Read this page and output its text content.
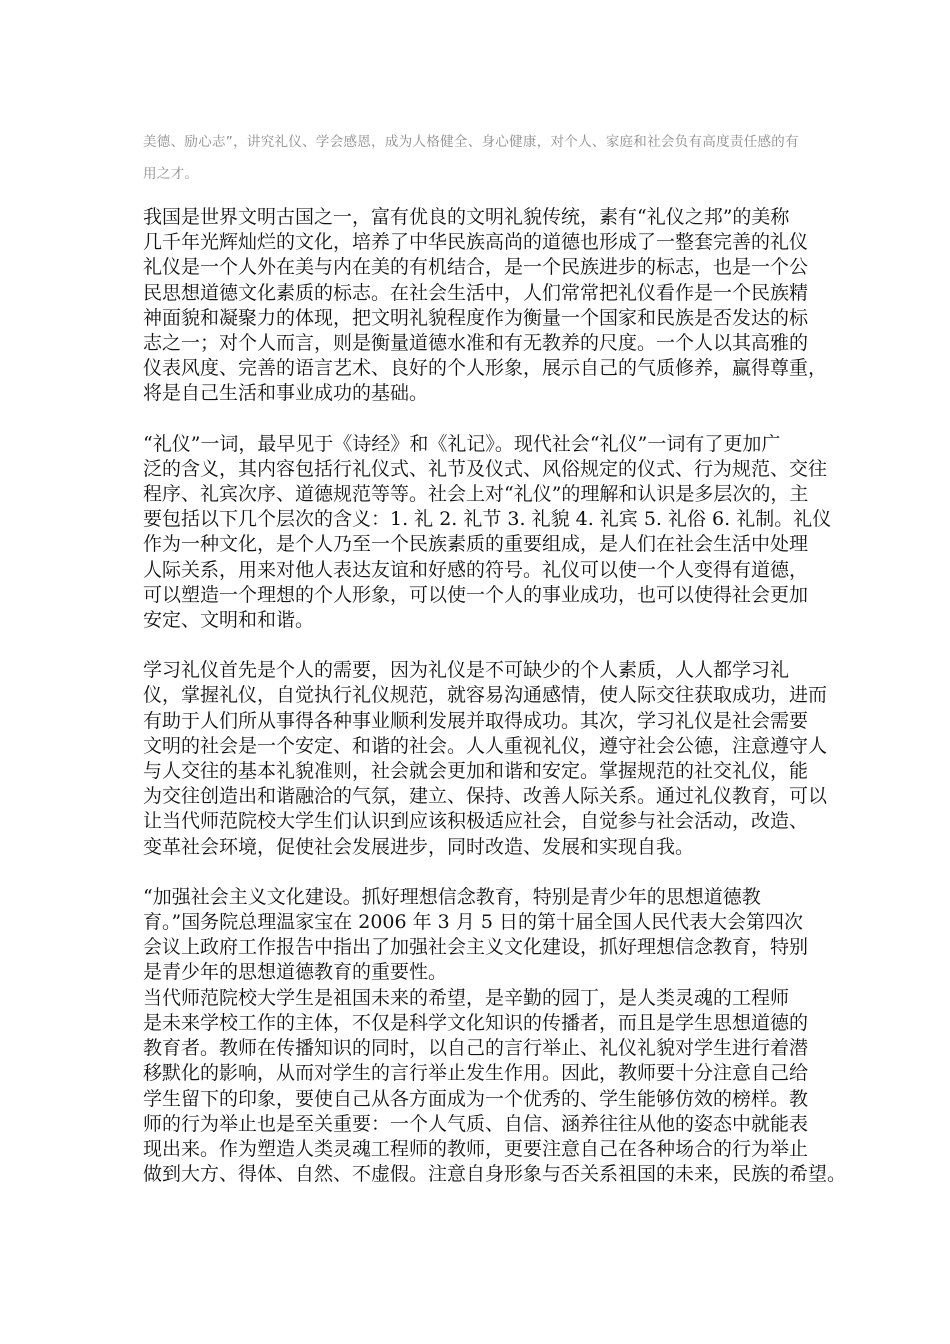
美德、励心志”，讲究礼仪、学会感恩，成为人格健全、身心健康，对个人、家庭和社会负有高度责任感的有
用之才。
我国是世界文明古国之一，富有优良的文明礼貌传统，素有“礼仪之邦”的美称
几千年光辉灿烂的文化，培养了中华民族高尚的道德也形成了一整套完善的礼仪
礼仪是一个人外在美与内在美的有机结合，是一个民族进步的标志，也是一个公
民思想道德文化素质的标志。在社会生活中，人们常常把礼仪看作是一个民族精
神面貌和凝聚力的体现，把文明礼貌程度作为衡量一个国家和民族是否发达的标
志之一；对个人而言，则是衡量道德水准和有无教养的尺度。一个人以其高雅的
仪表风度、完善的语言艺术、良好的个人形象，展示自己的气质修养，赢得尊重，
将是自己生活和事业成功的基础。
“礼仪”一词，最早见于《诗经》和《礼记》。现代社会“礼仪”一词有了更加广
泛的含义，其内容包括行礼仪式、礼节及仪式、风俗规定的仪式、行为规范、交往
程序、礼宾次序、道德规范等等。社会上对“礼仪”的理解和认识是多层次的，主
要包括以下几个层次的含义：1. 礼 2. 礼节 3. 礼貌 4. 礼宾 5. 礼俗 6. 礼制。礼仪
作为一种文化，是个人乃至一个民族素质的重要组成，是人们在社会生活中处理
人际关系，用来对他人表达友谊和好感的符号。礼仪可以使一个人变得有道德，
可以塑造一个理想的个人形象，可以使一个人的事业成功，也可以使得社会更加
安定、文明和和谐。
学习礼仪首先是个人的需要，因为礼仪是不可缺少的个人素质，人人都学习礼
仪，掌握礼仪，自觉执行礼仪规范，就容易沟通感情，使人际交往获取成功，进而
有助于人们所从事得各种事业顺利发展并取得成功。其次，学习礼仪是社会需要
文明的社会是一个安定、和谐的社会。人人重视礼仪，遵守社会公德，注意遵守人
与人交往的基本礼貌准则，社会就会更加和谐和安定。掌握规范的社交礼仪，能
为交往创造出和谐融洽的气氛，建立、保持、改善人际关系。通过礼仪教育，可以
让当代师范院校大学生们认识到应该积极适应社会，自觉参与社会活动，改造、
变革社会环境，促使社会发展进步，同时改造、发展和实现自我。
“加强社会主义文化建设。抓好理想信念教育，特别是青少年的思想道德教
育。”国务院总理温家宝在 2006 年 3 月 5 日的第十届全国人民代表大会第四次
会议上政府工作报告中指出了加强社会主义文化建设，抓好理想信念教育，特别
是青少年的思想道德教育的重要性。
当代师范院校大学生是祖国未来的希望，是辛勤的园丁，是人类灵魂的工程师
是未来学校工作的主体，不仅是科学文化知识的传播者，而且是学生思想道德的
教育者。教师在传播知识的同时，以自己的言行举止、礼仪礼貌对学生进行着潜
移默化的影响，从而对学生的言行举止发生作用。因此，教师要十分注意自己给
学生留下的印象，要使自己从各方面成为一个优秀的、学生能够仿效的榜样。教
师的行为举止也是至关重要：一个人气质、自信、涵养往往从他的姿态中就能表
现出来。作为塑造人类灵魂工程师的教师，更要注意自己在各种场合的行为举止
做到大方、得体、自然、不虚假。注意自身形象与否关系祖国的未来，民族的希望。
